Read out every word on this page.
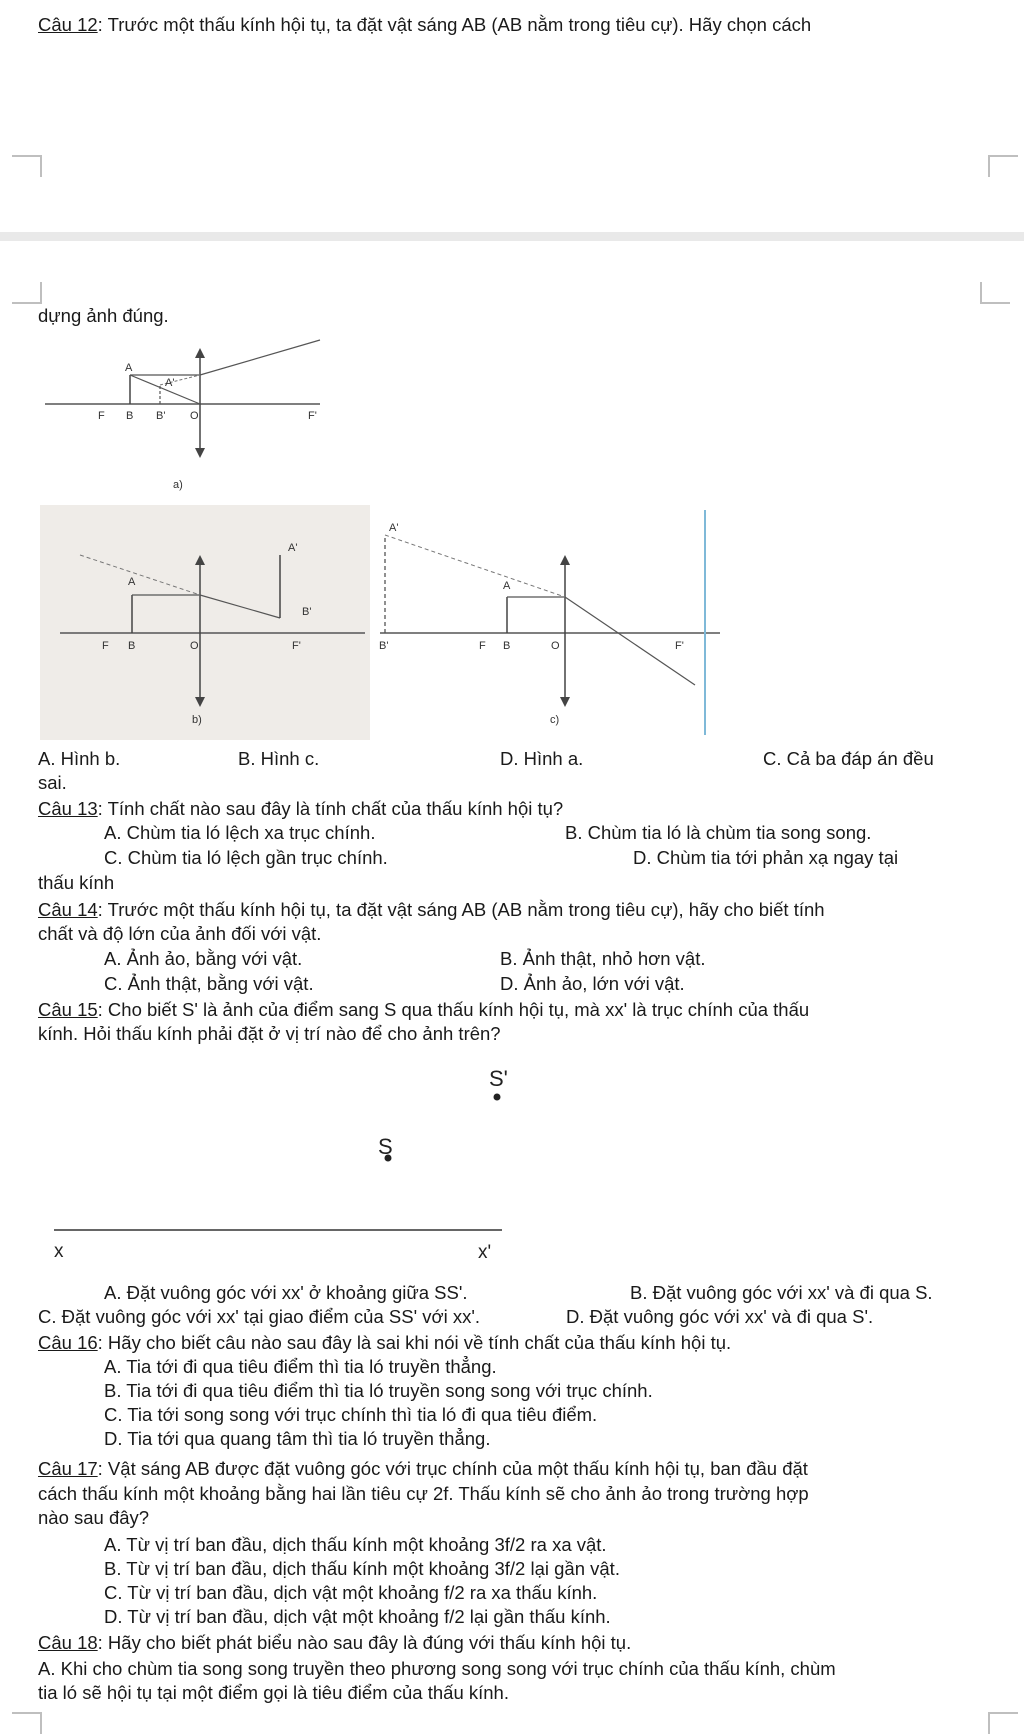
Câu 12: Trước một thấu kính hội tụ, ta đặt vật sáng AB (AB nằm trong tiêu cự). Hãy chọn cách
dựng ảnh đúng.
A
A'
F B B' O	F'
a)
A
A'
B'
F B	O	F'
b)
A'
A
B'	F B	O	F'
c)
A. Hình b.	B. Hình c.	D. Hình a.	C. Cả ba đáp án đều
sai.
Câu 13: Tính chất nào sau đây là tính chất của thấu kính hội tụ?
A. Chùm tia ló lệch xa trục chính.	B. Chùm tia ló là chùm tia song song.
C. Chùm tia ló lệch gần trục chính.	D. Chùm tia tới phản xạ ngay tại
thấu kính
Câu 14: Trước một thấu kính hội tụ, ta đặt vật sáng AB (AB nằm trong tiêu cự), hãy cho biết tính
chất và độ lớn của ảnh đối với vật.
A. Ảnh ảo, bằng với vật.	B. Ảnh thật, nhỏ hơn vật.
C. Ảnh thật, bằng với vật.	D. Ảnh ảo, lớn với vật.
Câu 15: Cho biết S' là ảnh của điểm sang S qua thấu kính hội tụ, mà xx' là trục chính của thấu
kính. Hỏi thấu kính phải đặt ở vị trí nào để cho ảnh trên?
S'
S
x	x'
A. Đặt vuông góc với xx' ở khoảng giữa SS'.	B. Đặt vuông góc với xx' và đi qua S.
C. Đặt vuông góc với xx' tại giao điểm của SS' với xx'.	D. Đặt vuông góc với xx' và đi qua S'.
Câu 16: Hãy cho biết câu nào sau đây là sai khi nói về tính chất của thấu kính hội tụ.
A. Tia tới đi qua tiêu điểm thì tia ló truyền thẳng.
B. Tia tới đi qua tiêu điểm thì tia ló truyền song song với trục chính.
C. Tia tới song song với trục chính thì tia ló đi qua tiêu điểm.
D. Tia tới qua quang tâm thì tia ló truyền thẳng.
Câu 17: Vật sáng AB được đặt vuông góc với trục chính của một thấu kính hội tụ, ban đầu đặt
cách thấu kính một khoảng bằng hai lần tiêu cự 2f. Thấu kính sẽ cho ảnh ảo trong trường hợp
nào sau đây?
A. Từ vị trí ban đầu, dịch thấu kính một khoảng 3f/2 ra xa vật.
B. Từ vị trí ban đầu, dịch thấu kính một khoảng 3f/2 lại gần vật.
C. Từ vị trí ban đầu, dịch vật một khoảng f/2 ra xa thấu kính.
D. Từ vị trí ban đầu, dịch vật một khoảng f/2 lại gần thấu kính.
Câu 18: Hãy cho biết phát biểu nào sau đây là đúng với thấu kính hội tụ.
A. Khi cho chùm tia song song truyền theo phương song song với trục chính của thấu kính, chùm
tia ló sẽ hội tụ tại một điểm gọi là tiêu điểm của thấu kính.
